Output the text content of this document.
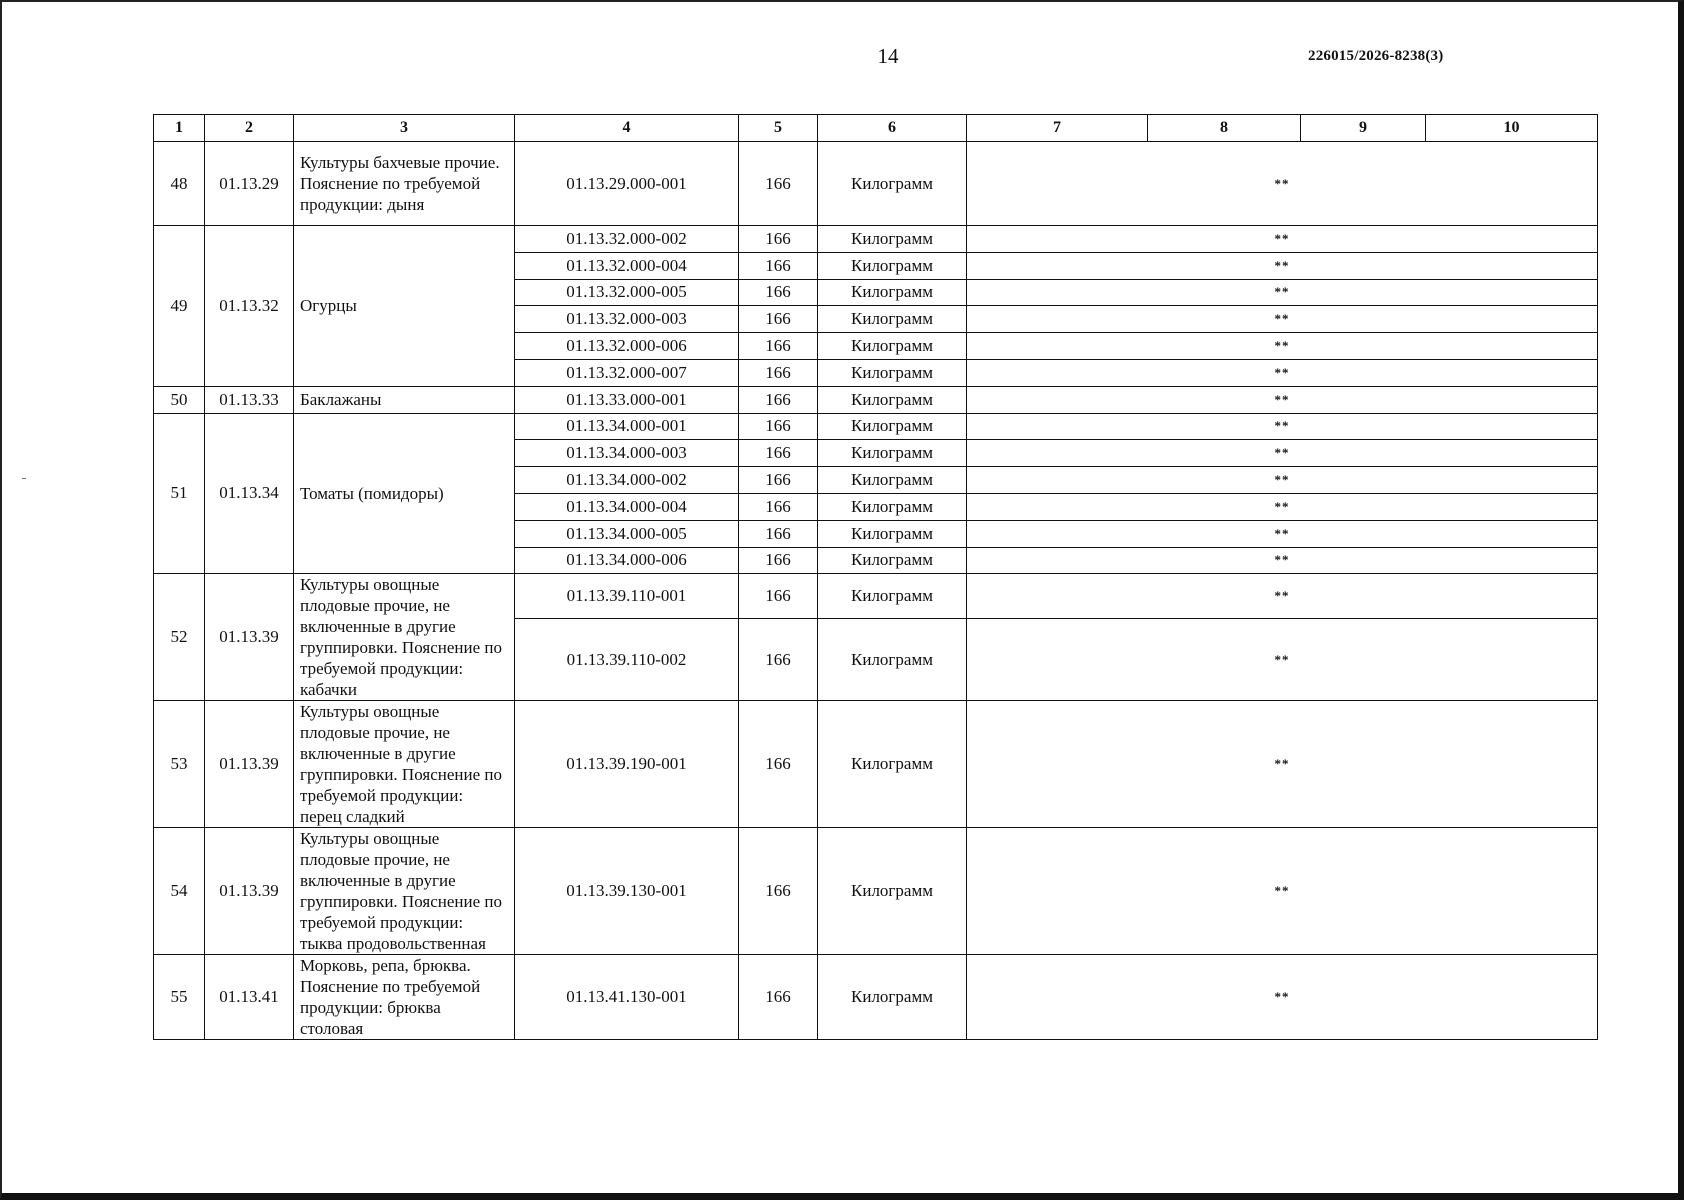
14	226015/2026-8238(3)
1	2	3	4	5	6	7	8	9	10
48	01.13.29	Культуры бахчевые прочие. Пояснение по требуемой продукции: дыня	01.13.29.000-001	166	Килограмм	**			
49	01.13.32	Огурцы	01.13.32.000-002	166	Килограмм	**			
			01.13.32.000-004	166	Килограмм	**			
			01.13.32.000-005	166	Килограмм	**			
			01.13.32.000-003	166	Килограмм	**			
			01.13.32.000-006	166	Килограмм	**			
			01.13.32.000-007	166	Килограмм	**			
50	01.13.33	Баклажаны	01.13.33.000-001	166	Килограмм	**			
51	01.13.34	Томаты (помидоры)	01.13.34.000-001	166	Килограмм	**			
			01.13.34.000-003	166	Килограмм	**			
			01.13.34.000-002	166	Килограмм	**			
			01.13.34.000-004	166	Килограмм	**			
			01.13.34.000-005	166	Килограмм	**			
			01.13.34.000-006	166	Килограмм	**			
52	01.13.39	Культуры овощные плодовые прочие, не включенные в другие группировки. Пояснение по требуемой продукции: кабачки	01.13.39.110-001	166	Килограмм	**			
			01.13.39.110-002	166	Килограмм	**			
53	01.13.39	Культуры овощные плодовые прочие, не включенные в другие группировки. Пояснение по требуемой продукции: перец сладкий	01.13.39.190-001	166	Килограмм	**			
54	01.13.39	Культуры овощные плодовые прочие, не включенные в другие группировки. Пояснение по требуемой продукции: тыква продовольственная	01.13.39.130-001	166	Килограмм	**			
55	01.13.41	Морковь, репа, брюква. Пояснение по требуемой продукции: брюква столовая	01.13.41.130-001	166	Килограмм	**			
